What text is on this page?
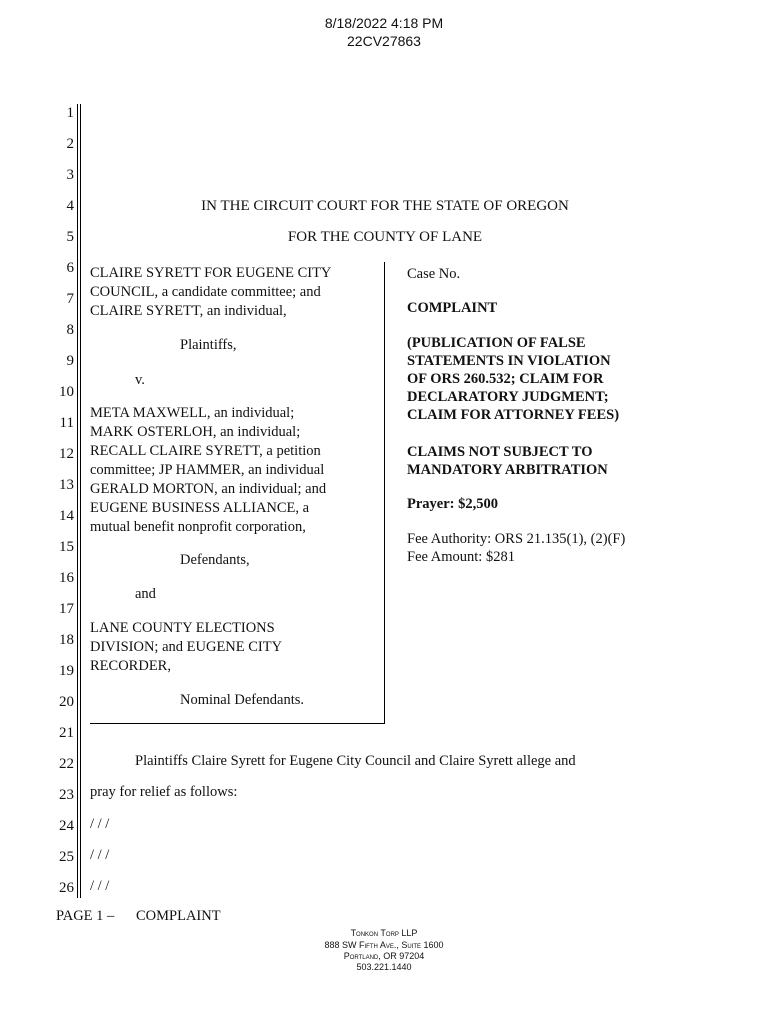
8/18/2022 4:18 PM
22CV27863
1
2
3
4
5
6
7
8
9
10
11
12
13
14
15
16
17
18
19
20
21
22
23
24
25
26
IN THE CIRCUIT COURT FOR THE STATE OF OREGON
FOR THE COUNTY OF LANE
CLAIRE SYRETT FOR EUGENE CITY
COUNCIL, a candidate committee; and
CLAIRE SYRETT, an individual,
Plaintiffs,
v.
META MAXWELL, an individual;
MARK OSTERLOH, an individual;
RECALL CLAIRE SYRETT, a petition
committee; JP HAMMER, an individual
GERALD MORTON, an individual; and
EUGENE BUSINESS ALLIANCE, a
mutual benefit nonprofit corporation,
Defendants,
and
LANE COUNTY ELECTIONS
DIVISION; and EUGENE CITY
RECORDER,
Nominal Defendants.
Case No.
COMPLAINT
(PUBLICATION OF FALSE
STATEMENTS IN VIOLATION
OF ORS 260.532; CLAIM FOR
DECLARATORY JUDGMENT;
CLAIM FOR ATTORNEY FEES)
CLAIMS NOT SUBJECT TO
MANDATORY ARBITRATION
Prayer: $2,500
Fee Authority: ORS 21.135(1), (2)(F)
Fee Amount: $281
Plaintiffs Claire Syrett for Eugene City Council and Claire Syrett allege and
pray for relief as follows:
/ / /
/ / /
/ / /
PAGE 1 – COMPLAINT
Tonkon Torp LLP
888 SW Fifth Ave., Suite 1600
Portland, OR 97204
503.221.1440
